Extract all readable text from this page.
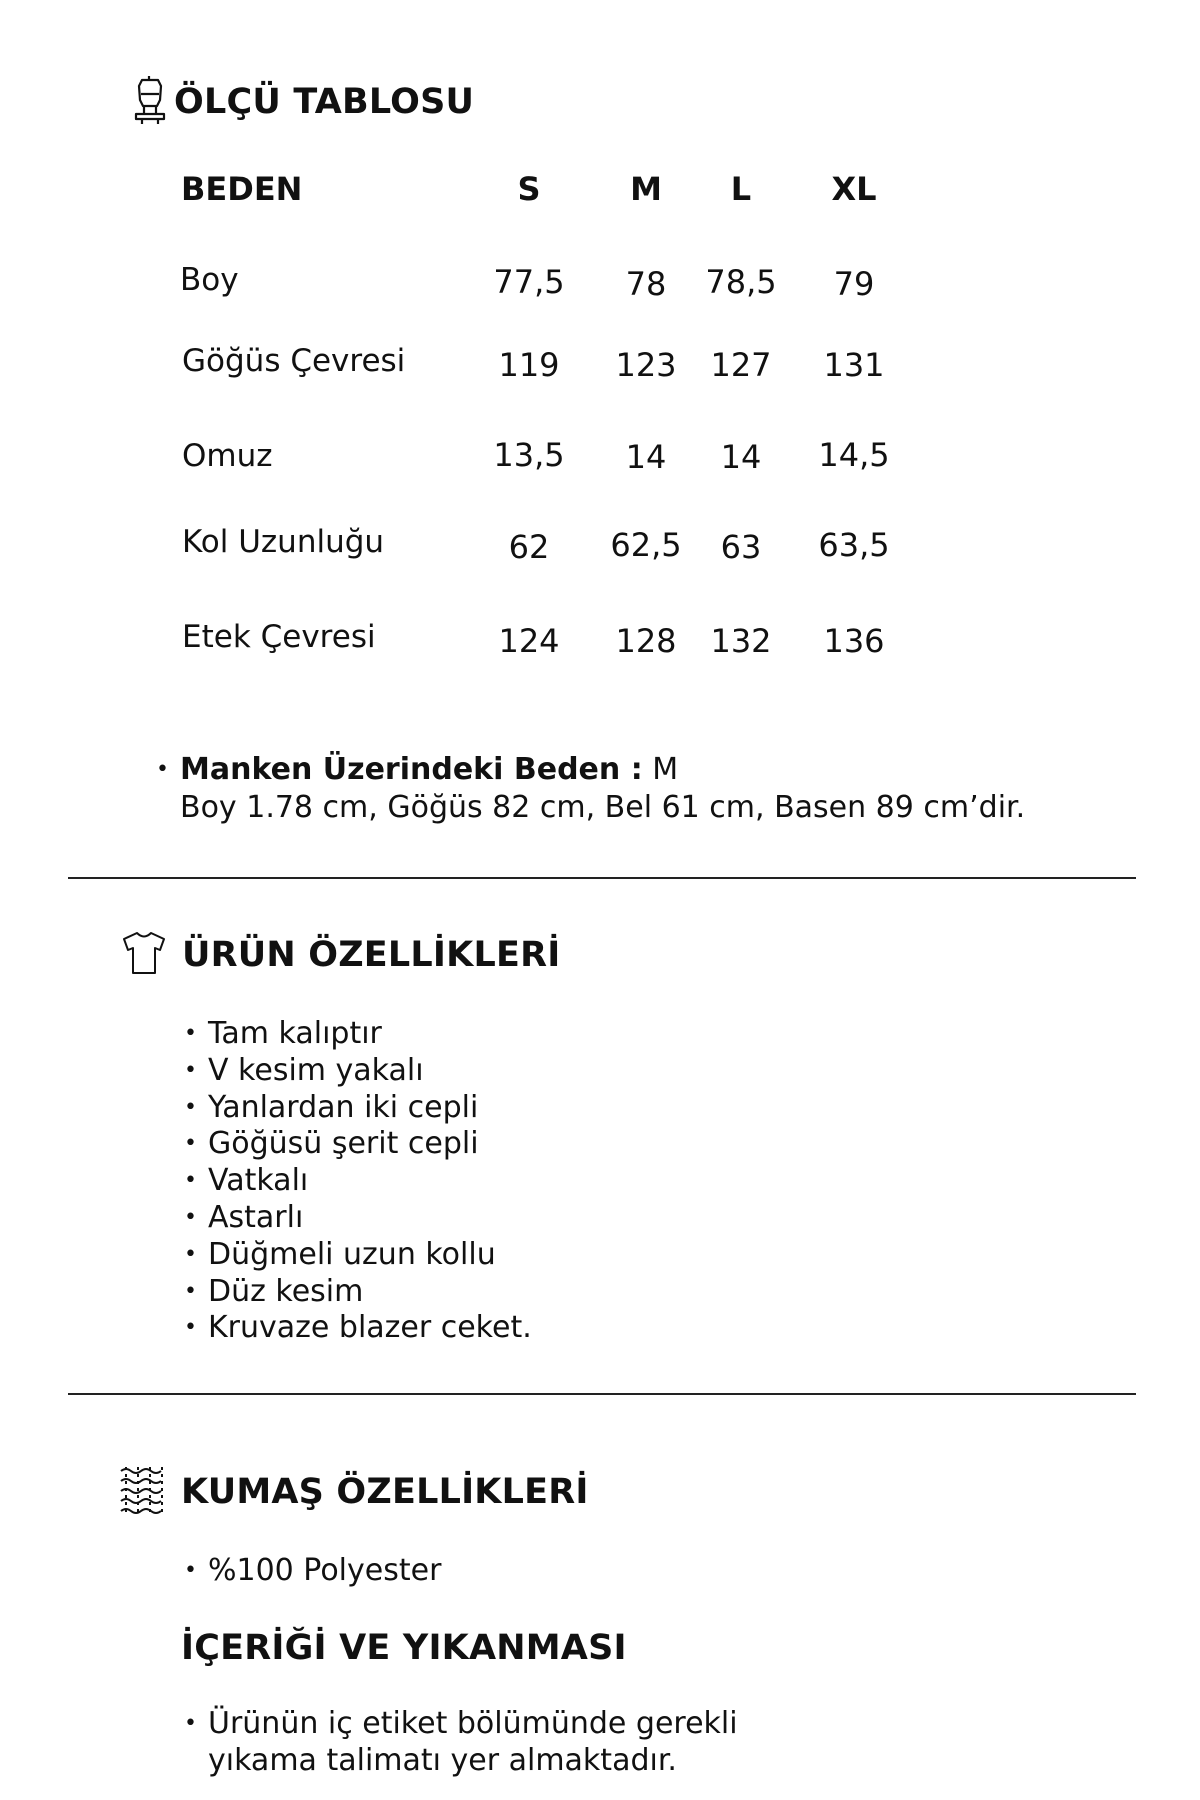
ÖLÇÜ TABLOSU
BEDEN	S	M	L	XL
Boy	77,5	78	78,5	79
Göğüs Çevresi	119	123	127	131
Omuz	13,5	14	14	14,5
Kol Uzunluğu	62	62,5	63	63,5
Etek Çevresi	124	128	132	136
• Manken Üzerindeki Beden : M
Boy 1.78 cm, Göğüs 82 cm, Bel 61 cm, Basen 89 cm’dir.
ÜRÜN ÖZELLİKLERİ
• Tam kalıptır
• V kesim yakalı
• Yanlardan iki cepli
• Göğüsü şerit cepli
• Vatkalı
• Astarlı
• Düğmeli uzun kollu
• Düz kesim
• Kruvaze blazer ceket.
KUMAŞ ÖZELLİKLERİ
• %100 Polyester
İÇERİĞİ VE YIKANMASI
• Ürünün iç etiket bölümünde gerekli yıkama talimatı yer almaktadır.
